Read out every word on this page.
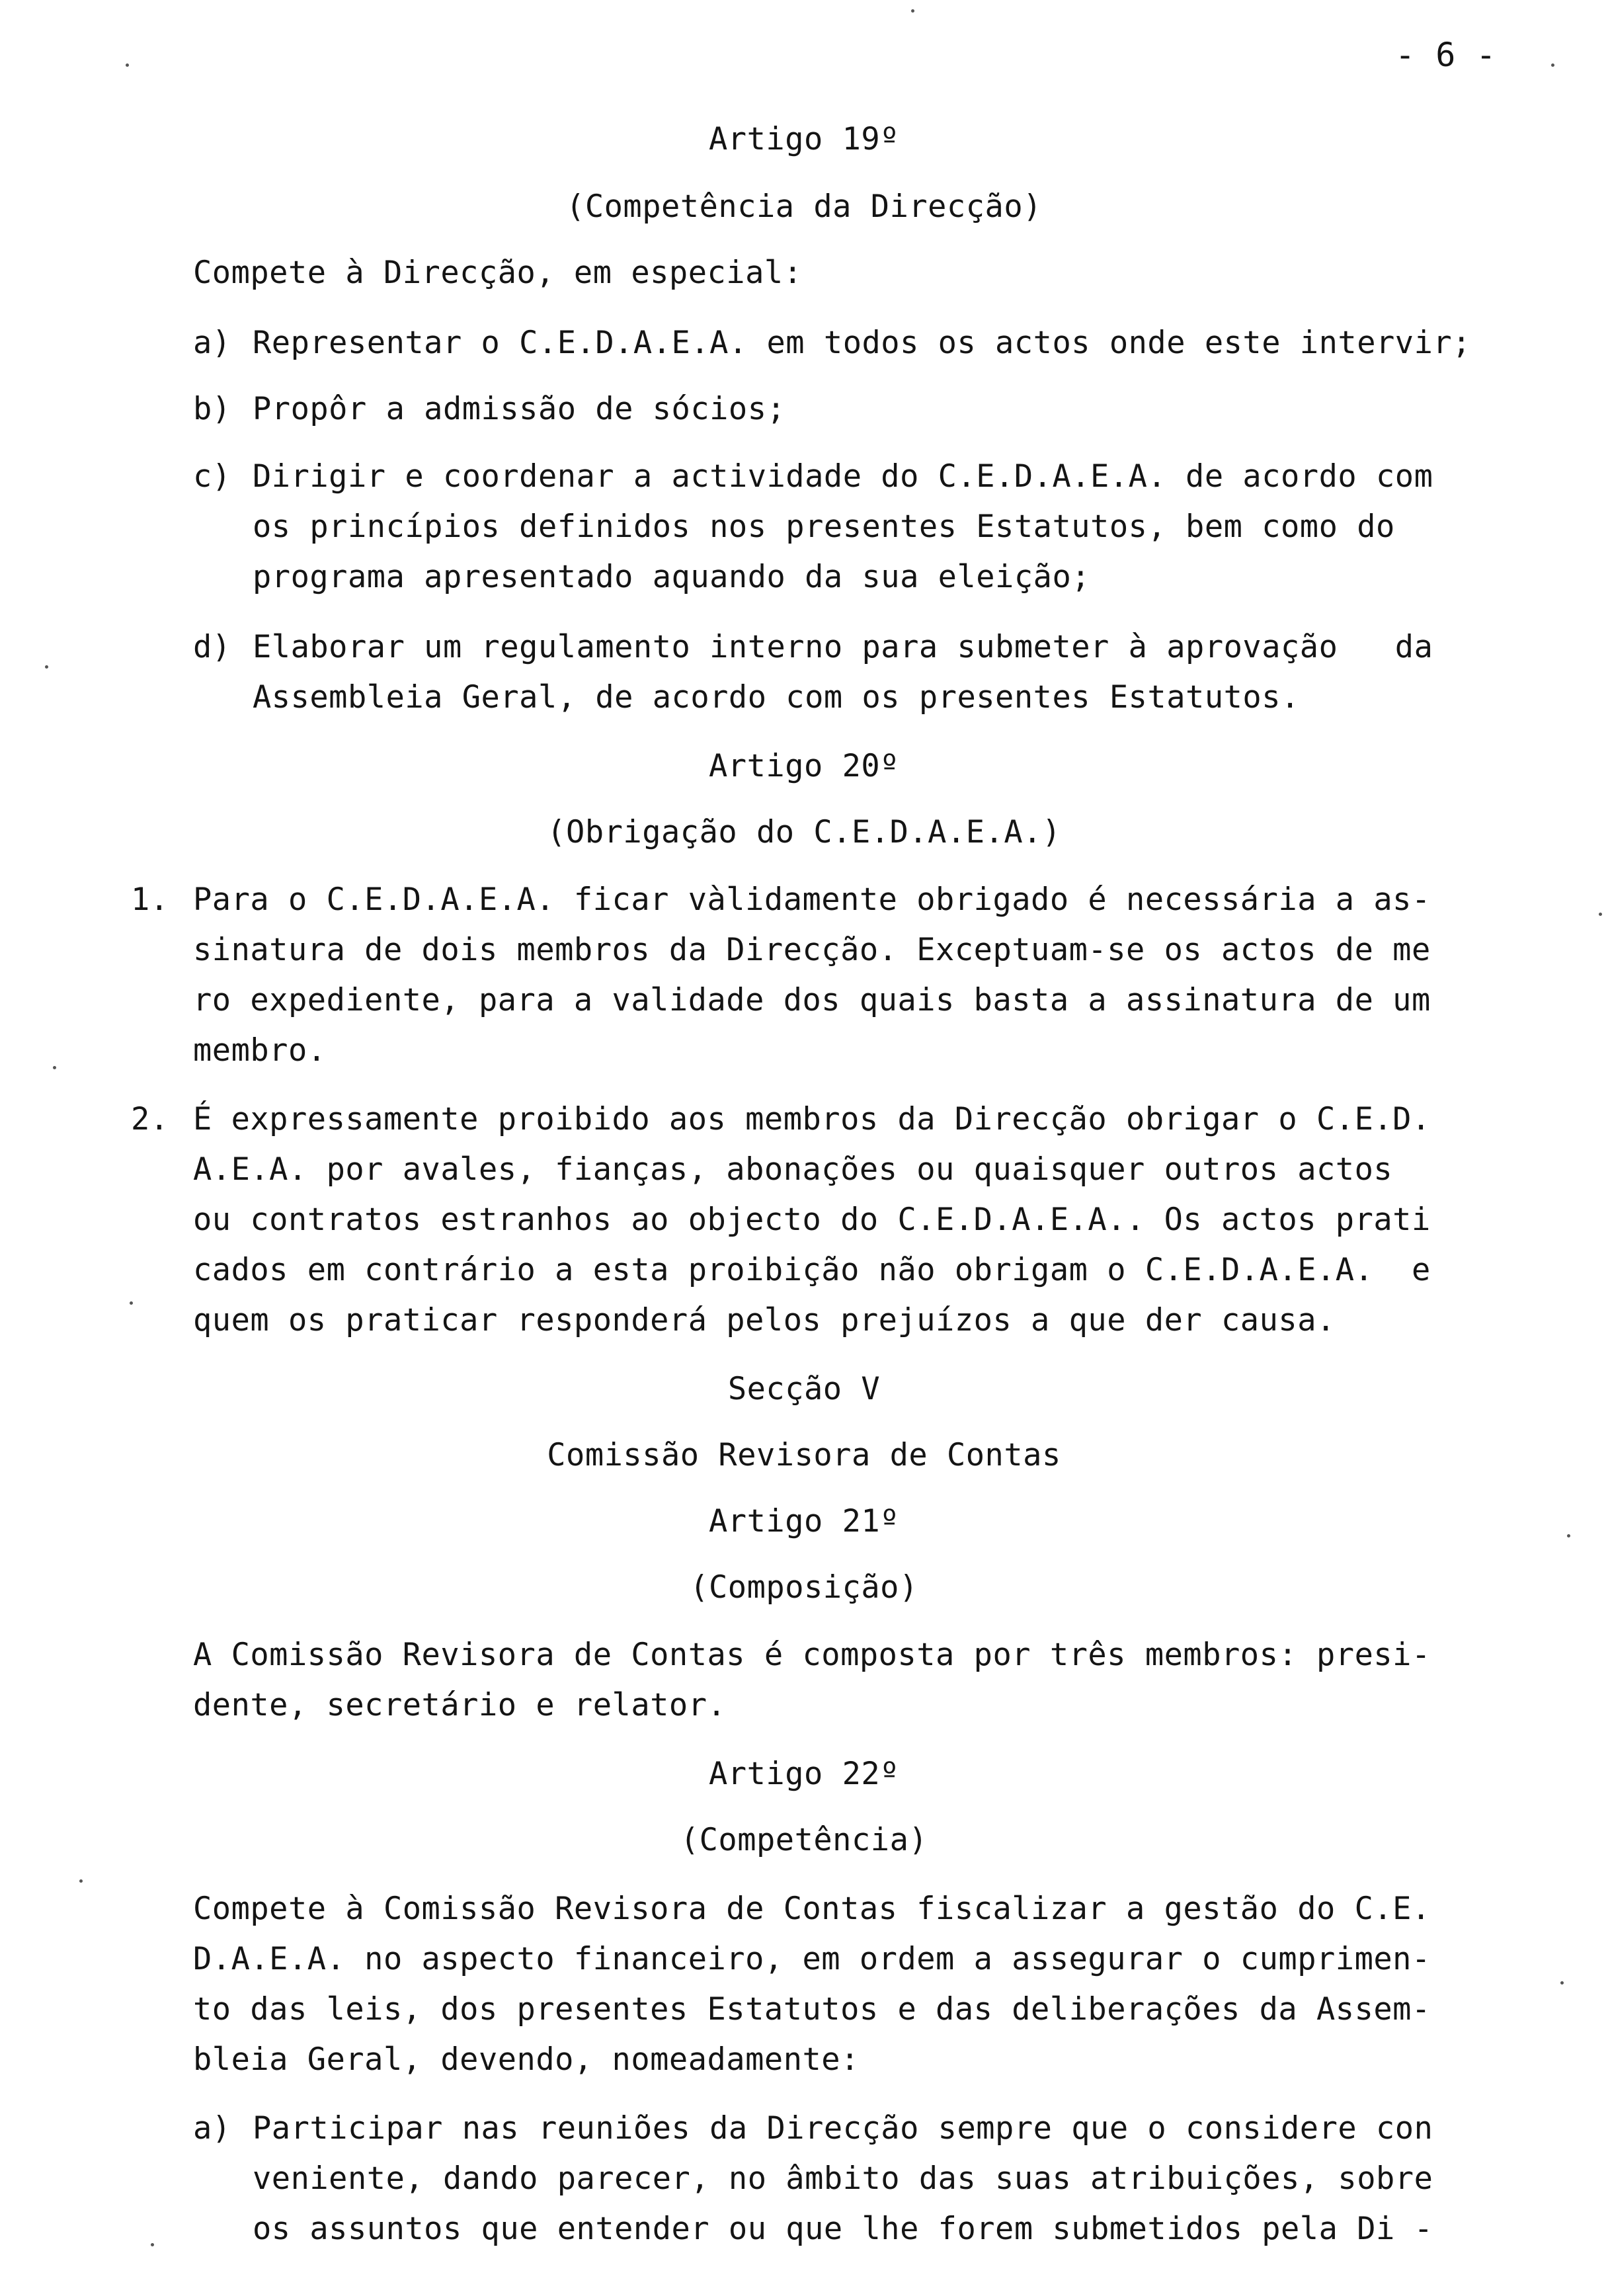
- 6 -
Artigo 19º
(Competência da Direcção)
Compete à Direcção, em especial:
a) Representar o C.E.D.A.E.A. em todos os actos onde este intervir;
b) Propôr a admissão de sócios;
c) Dirigir e coordenar a actividade do C.E.D.A.E.A. de acordo com
os princípios definidos nos presentes Estatutos, bem como do
programa apresentado aquando da sua eleição;
d) Elaborar um regulamento interno para submeter à aprovação   da
Assembleia Geral, de acordo com os presentes Estatutos.
Artigo 20º
(Obrigação do C.E.D.A.E.A.)
1. Para o C.E.D.A.E.A. ficar vàlidamente obrigado é necessária a as-
sinatura de dois membros da Direcção. Exceptuam-se os actos de me
ro expediente, para a validade dos quais basta a assinatura de um
membro.
2. É expressamente proibido aos membros da Direcção obrigar o C.E.D.
A.E.A. por avales, fianças, abonações ou quaisquer outros actos
ou contratos estranhos ao objecto do C.E.D.A.E.A.. Os actos prati
cados em contrário a esta proibição não obrigam o C.E.D.A.E.A.  e
quem os praticar responderá pelos prejuízos a que der causa.
Secção V
Comissão Revisora de Contas
Artigo 21º
(Composição)
A Comissão Revisora de Contas é composta por três membros: presi-
dente, secretário e relator.
Artigo 22º
(Competência)
Compete à Comissão Revisora de Contas fiscalizar a gestão do C.E.
D.A.E.A. no aspecto financeiro, em ordem a assegurar o cumprimen-
to das leis, dos presentes Estatutos e das deliberações da Assem-
bleia Geral, devendo, nomeadamente:
a) Participar nas reuniões da Direcção sempre que o considere con
veniente, dando parecer, no âmbito das suas atribuições, sobre
os assuntos que entender ou que lhe forem submetidos pela Di -
